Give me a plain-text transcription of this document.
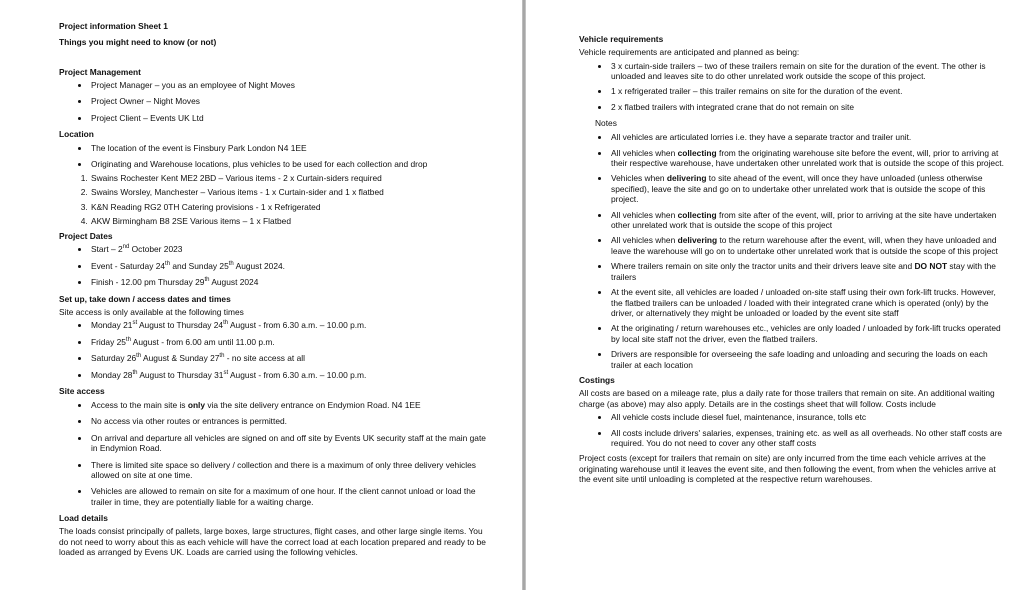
Project information Sheet 1
Things you might need to know (or not)
Project Management
• Project Manager – you as an employee of Night Moves
• Project Owner – Night Moves
• Project Client – Events UK Ltd
Location
• The location of the event is Finsbury Park London N4 1EE
• Originating and Warehouse locations, plus vehicles to be used for each collection and drop
1. Swains Rochester Kent ME2 2BD – Various items - 2 x Curtain-siders required
2. Swains Worsley, Manchester – Various items - 1 x Curtain-sider and 1 x flatbed
3. K&N Reading RG2 0TH Catering provisions - 1 x Refrigerated
4. AKW Birmingham B8 2SE Various items – 1 x Flatbed
Project Dates
• Start – 2nd October 2023
• Event - Saturday 24th and Sunday 25th August 2024.
• Finish - 12.00 pm Thursday 29th August 2024
Set up, take down / access dates and times

Site access is only available at the following times

• Monday 21st August to Thursday 24th August - from 6.30 a.m. – 10.00 p.m.
• Friday 25th August - from 6.00 am until 11.00 p.m.
• Saturday 26th August & Sunday 27th - no site access at all
• Monday 28th August to Thursday 31st August - from 6.30 a.m. – 10.00 p.m.
Site access
• Access to the main site is only via the site delivery entrance on Endymion Road. N4 1EE
• No access via other routes or entrances is permitted.
• On arrival and departure all vehicles are signed on and off site by Events UK security staff at the main gate in Endymion Road.
• There is limited site space so delivery / collection and there is a maximum of only three delivery vehicles allowed on site at one time.
• Vehicles are allowed to remain on site for a maximum of one hour. If the client cannot unload or load the trailer in time, they are potentially liable for a waiting charge.
Load details

The loads consist principally of pallets, large boxes, large structures, flight cases, and other large single items. You do not need to worry about this as each vehicle will have the correct load at each location prepared and ready to be loaded as arranged by Evens UK. Loads are carried using the following vehicles.

Vehicle requirements

Vehicle requirements are anticipated and planned as being:

• 3 x curtain-side trailers – two of these trailers remain on site for the duration of the event. The other is unloaded and leaves site to do other unrelated work outside the scope of this project.
• 1 x refrigerated trailer – this trailer remains on site for the duration of the event.
• 2 x flatbed trailers with integrated crane that do not remain on site
Notes
• All vehicles are articulated lorries i.e. they have a separate tractor and trailer unit.
• All vehicles when collecting from the originating warehouse site before the event, will, prior to arriving at their respective warehouse, have undertaken other unrelated work that is outside the scope of this project.
• Vehicles when delivering to site ahead of the event, will once they have unloaded (unless otherwise specified), leave the site and go on to undertake other unrelated work that is outside the scope of this project.
• All vehicles when collecting from site after of the event, will, prior to arriving at the site have undertaken other unrelated work that is outside the scope of this project
• All vehicles when delivering to the return warehouse after the event, will, when they have unloaded and leave the warehouse will go on to undertake other unrelated work that is outside the scope of this project
• Where trailers remain on site only the tractor units and their drivers leave site and DO NOT stay with the trailers
• At the event site, all vehicles are loaded / unloaded on-site staff using their own fork-lift trucks. However, the flatbed trailers can be unloaded / loaded with their integrated crane which is operated (only) by the driver, or alternatively they might be unloaded or loaded by the event site staff
• At the originating / return warehouses etc., vehicles are only loaded / unloaded by fork-lift trucks operated by local site staff not the driver, even the flatbed trailers.
• Drivers are responsible for overseeing the safe loading and unloading and securing the loads on each trailer at each location
Costings

All costs are based on a mileage rate, plus a daily rate for those trailers that remain on site. An additional waiting charge (as above) may also apply. Details are in the costings sheet that will follow. Costs include

• All vehicle costs include diesel fuel, maintenance, insurance, tolls etc
• All costs include drivers' salaries, expenses, training etc. as well as all overheads. No other staff costs are required. You do not need to cover any other staff costs

Project costs (except for trailers that remain on site) are only incurred from the time each vehicle arrives at the originating warehouse until it leaves the event site, and then following the event, from when the vehicles arrive at the event site until unloading is completed at the respective return warehouses.
